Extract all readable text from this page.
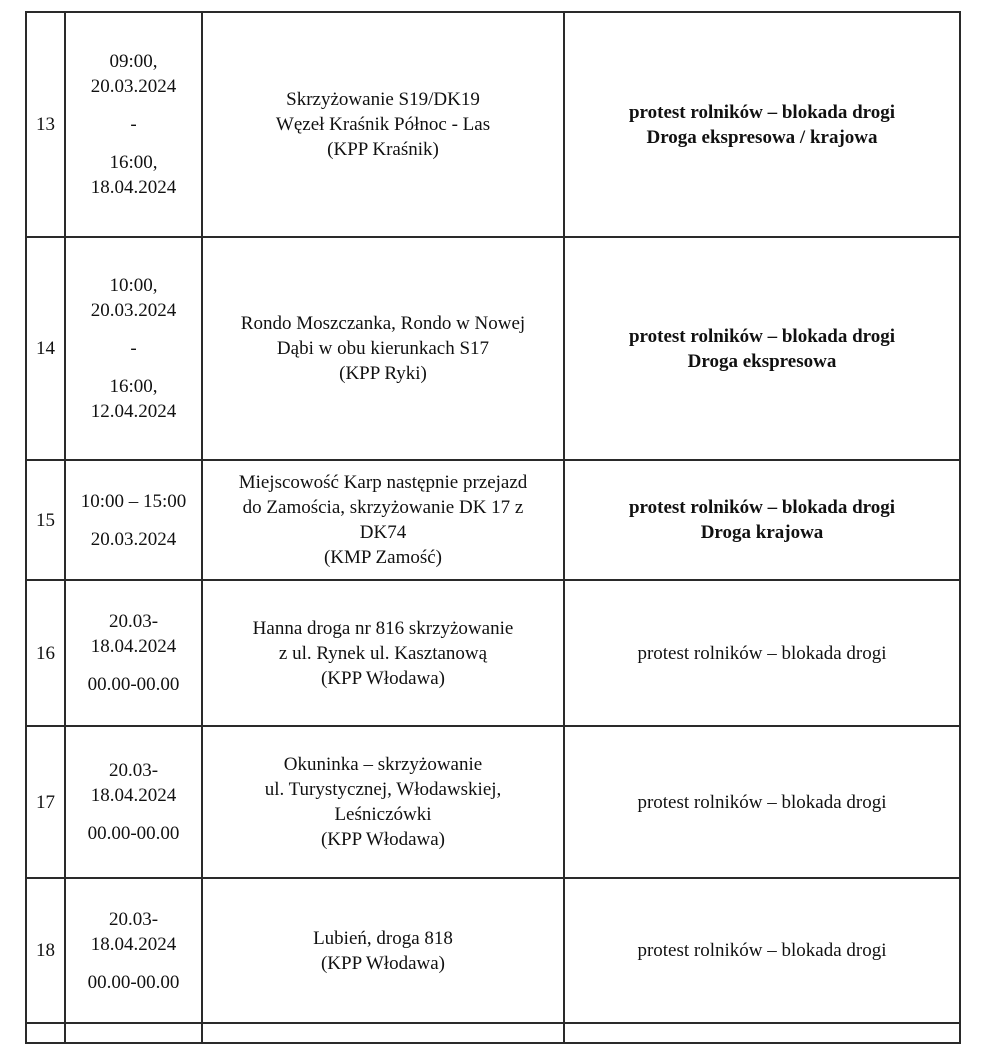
13	09:00,
20.03.2024
-
16:00,
18.04.2024	Skrzyżowanie S19/DK19
Węzeł Kraśnik Północ - Las
(KPP Kraśnik)	protest rolników – blokada drogi
Droga ekspresowa / krajowa

14	10:00,
20.03.2024
-
16:00,
12.04.2024	Rondo Moszczanka, Rondo w Nowej
Dąbi w obu kierunkach S17
(KPP Ryki)	protest rolników – blokada drogi
Droga ekspresowa

15	10:00 – 15:00
20.03.2024	Miejscowość Karp następnie przejazd
do Zamościa, skrzyżowanie DK 17 z
DK74
(KMP Zamość)	protest rolników – blokada drogi
Droga krajowa

16	20.03-
18.04.2024
00.00-00.00	Hanna droga nr 816 skrzyżowanie
z ul. Rynek ul. Kasztanową
(KPP Włodawa)	protest rolników – blokada drogi

17	20.03-
18.04.2024
00.00-00.00	Okuninka – skrzyżowanie
ul. Turystycznej, Włodawskiej,
Leśniczówki
(KPP Włodawa)	protest rolników – blokada drogi

18	20.03-
18.04.2024
00.00-00.00	Lubień, droga 818
(KPP Włodawa)	protest rolników – blokada drogi
